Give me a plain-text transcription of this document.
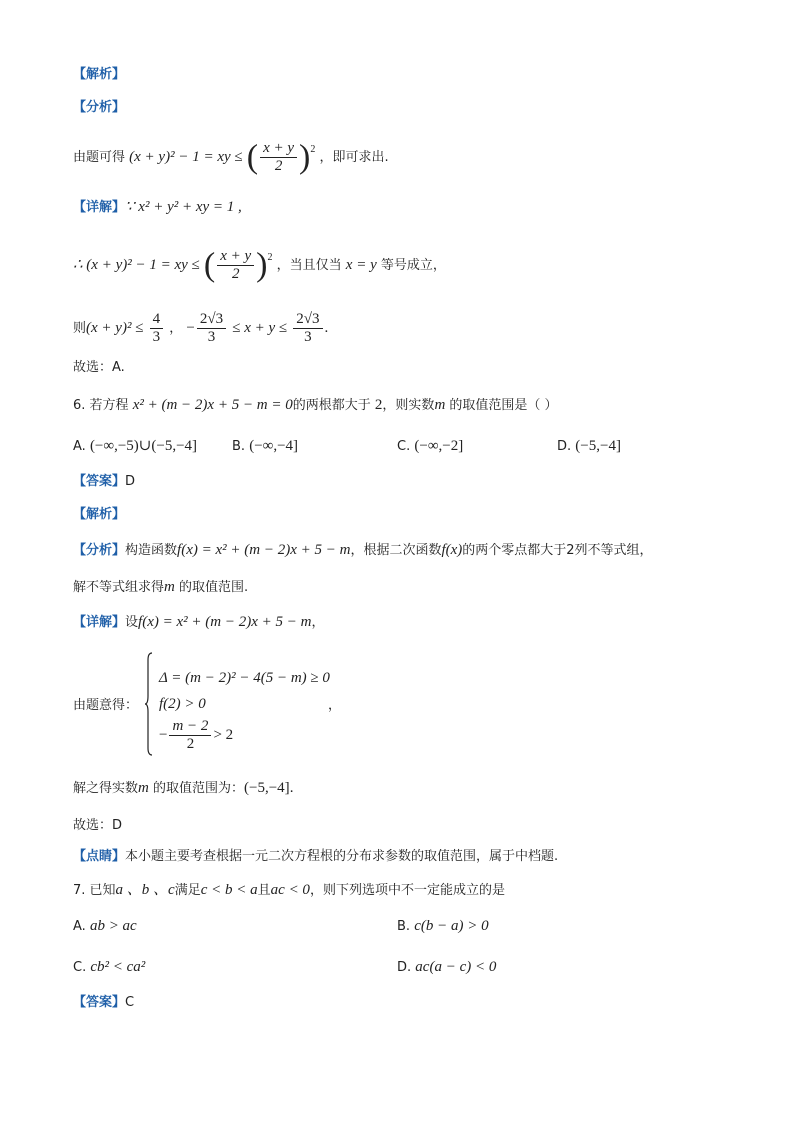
【解析】
【分析】
由题可得 (x + y)² − 1 = xy ≤ ( $\frac{x + y}{2} )^2$ ，即可求出.
【详解】∵ x² + y² + xy = 1 ,
∴ (x + y)² − 1 = xy ≤ ( $\frac{x + y}{2} )^2$ ，当且仅当 x = y 等号成立，
则$(x + y)^2 \le \frac{4}{3}$ ， − $\frac{2√3}{3} \le x + y \le \frac{2√3}{3}$ .
故选：A.
6. 若方程 x² + (m − 2)x + 5 − m = 0的两根都大于 2，则实数m 的取值范围是（ ）
A. (−∞,−5)∪(−5,−4]	B. (−∞,−4]	C. (−∞,−2]	D. (−5,−4]
【答案】D
【解析】
【分析】构造函数f(x) = x² + (m − 2)x + 5 − m，根据二次函数f(x)的两个零点都大于2列不等式组，
解不等式组求得m 的取值范围.
【详解】设f(x) = x² + (m − 2)x + 5 − m，
由题意得：
Δ = (m − 2)² − 4(5 − m) ≥ 0
f(2) > 0
− $\frac{m - 2}{2} > 2$
，
解之得实数m 的取值范围为：(−5,−4].
故选：D
【点睛】本小题主要考查根据一元二次方程根的分布求参数的取值范围，属于中档题.
7. 已知a 、b 、c满足c < b < a且ac < 0，则下列选项中不一定能成立的是
A. ab > ac	B. c(b − a) > 0
C. cb² < ca²	D. ac(a − c) < 0
【答案】C
